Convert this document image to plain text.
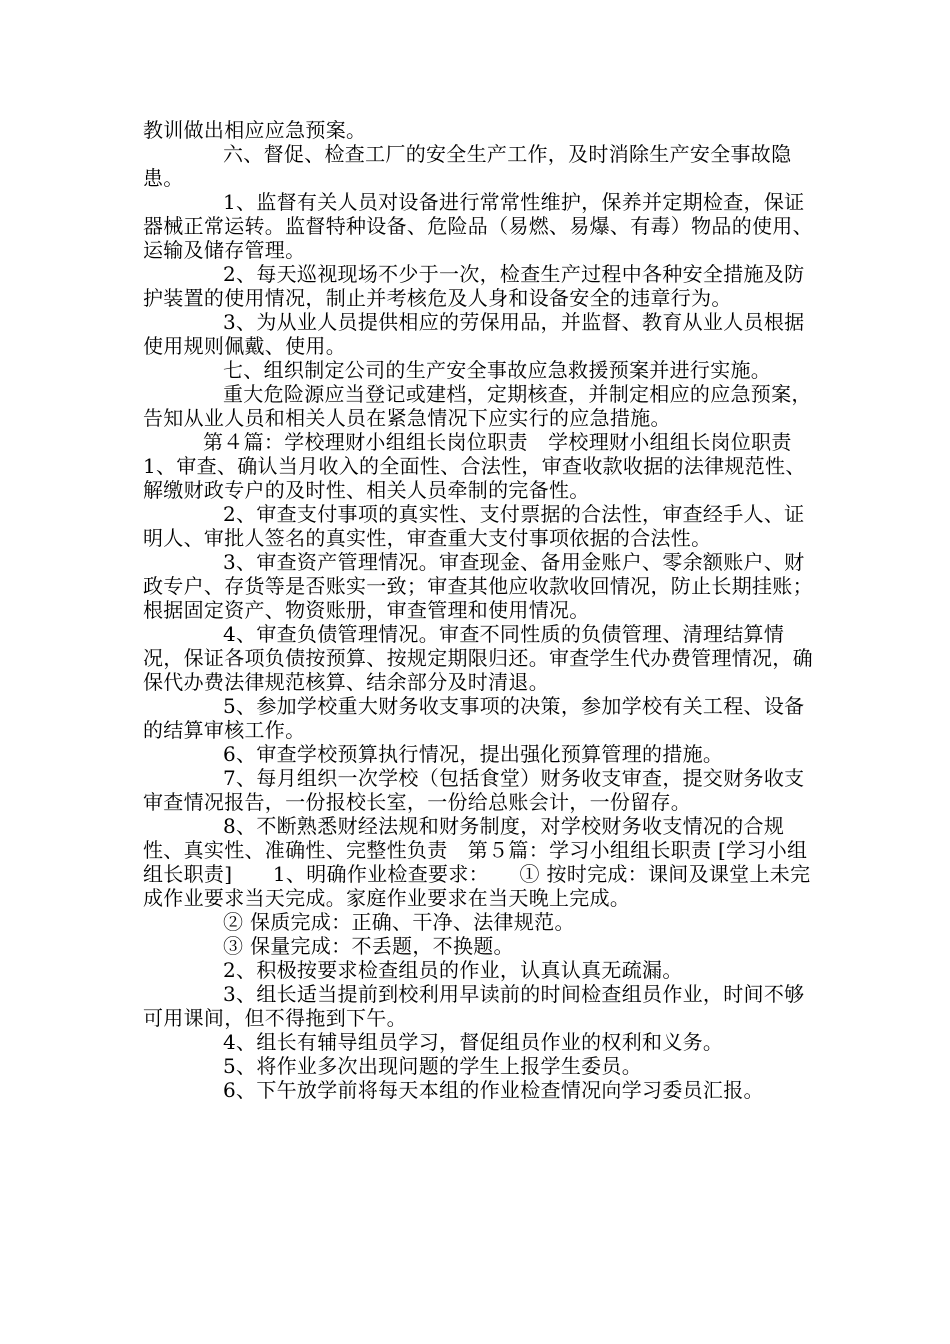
教训做出相应应急预案。

六、督促、检查工厂的安全生产工作，及时消除生产安全事故隐患。

1、监督有关人员对设备进行常常性维护，保养并定期检查，保证器械正常运转。监督特种设备、危险品（易燃、易爆、有毒）物品的使用、运输及储存管理。

2、每天巡视现场不少于一次，检查生产过程中各种安全措施及防护装置的使用情况，制止并考核危及人身和设备安全的违章行为。

3、为从业人员提供相应的劳保用品，并监督、教育从业人员根据使用规则佩戴、使用。

七、组织制定公司的生产安全事故应急救援预案并进行实施。

重大危险源应当登记或建档，定期核查，并制定相应的应急预案，告知从业人员和相关人员在紧急情况下应实行的应急措施。

第４篇：学校理财小组组长岗位职责　学校理财小组组长岗位职责　1、审查、确认当月收入的全面性、合法性，审查收款收据的法律规范性、解缴财政专户的及时性、相关人员牵制的完备性。

2、审查支付事项的真实性、支付票据的合法性，审查经手人、证明人、审批人签名的真实性，审查重大支付事项依据的合法性。

3、审查资产管理情况。审查现金、备用金账户、零余额账户、财政专户、存货等是否账实一致；审查其他应收款收回情况，防止长期挂账；根据固定资产、物资账册，审查管理和使用情况。

4、审查负债管理情况。审查不同性质的负债管理、清理结算情况，保证各项负债按预算、按规定期限归还。审查学生代办费管理情况，确保代办费法律规范核算、结余部分及时清退。

5、参加学校重大财务收支事项的决策，参加学校有关工程、设备的结算审核工作。

6、审查学校预算执行情况，提出强化预算管理的措施。

7、每月组织一次学校（包括食堂）财务收支审查，提交财务收支审查情况报告，一份报校长室，一份给总账会计，一份留存。

8、不断熟悉财经法规和财务制度，对学校财务收支情况的合规性、真实性、准确性、完整性负责　第５篇：学习小组组长职责 [学习小组组长职责]　　1、明确作业检查要求：　　① 按时完成：课间及课堂上未完成作业要求当天完成。家庭作业要求在当天晚上完成。

② 保质完成：正确、干净、法律规范。

③ 保量完成：不丢题，不换题。

2、积极按要求检查组员的作业，认真认真无疏漏。

3、组长适当提前到校利用早读前的时间检查组员作业，时间不够可用课间，但不得拖到下午。

4、组长有辅导组员学习，督促组员作业的权利和义务。

5、将作业多次出现问题的学生上报学生委员。

6、下午放学前将每天本组的作业检查情况向学习委员汇报。
